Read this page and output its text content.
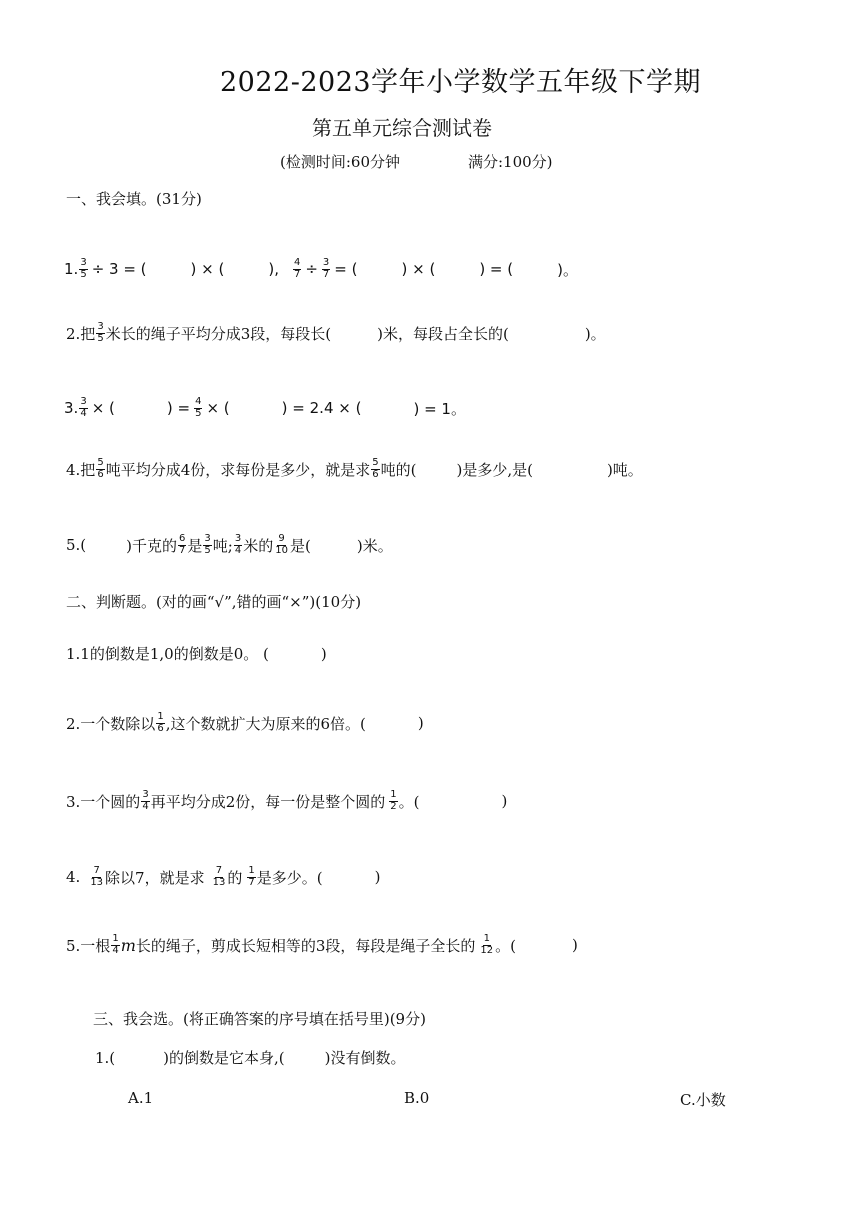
2022-2023学年小学数学五年级下学期
第五单元综合测试卷
(检测时间:60分钟	满分:100分)
一、我会填。(31分)
1. $\frac{3}{5} \div 3$ = (	) × (	), $\frac{4}{7} \div \frac{3}{7}$ = (	) × (	) = (	)。
2.把 $\frac{3}{5}$ 米长的绳子平均分成3段，每段长(	)米，每段占全长的(	)。
3. $\frac{3}{4}$ × (	) = $\frac{4}{5}$ × (	) = 2.4 × (	) = 1。
4.把 $\frac{5}{6}$ 吨平均分成4份，求每份是多少，就是求 $\frac{5}{6}$ 吨的(	)是多少,是(	)吨。
5.(	)千克的 $\frac{6}{7}$ 是 $\frac{3}{5}$ 吨; $\frac{3}{4}$ 米的 $\frac{9}{10}$ 是(	)米。
二、判断题。(对的画“√”,错的画“×”)(10分)
1.1的倒数是1,0的倒数是0。 (	)
2.一个数除以 $\frac{1}{6}$ ,这个数就扩大为原来的6倍。(	)
3.一个圆的 $\frac{3}{4}$ 再平均分成2份，每一份是整个圆的 $\frac{1}{2}$ 。(	)
4. $\frac{7}{13}$ 除以7，就是求 $\frac{7}{13}$ 的 $\frac{1}{7}$ 是多少。(	)
5.一根 $\frac{1}{4}$ m 长的绳子，剪成长短相等的3段，每段是绳子全长的 $\frac{1}{12}$ 。(	)
三、我会选。(将正确答案的序号填在括号里)(9分)
1.(	)的倒数是它本身,(	)没有倒数。
A.1	B.0	C.小数
